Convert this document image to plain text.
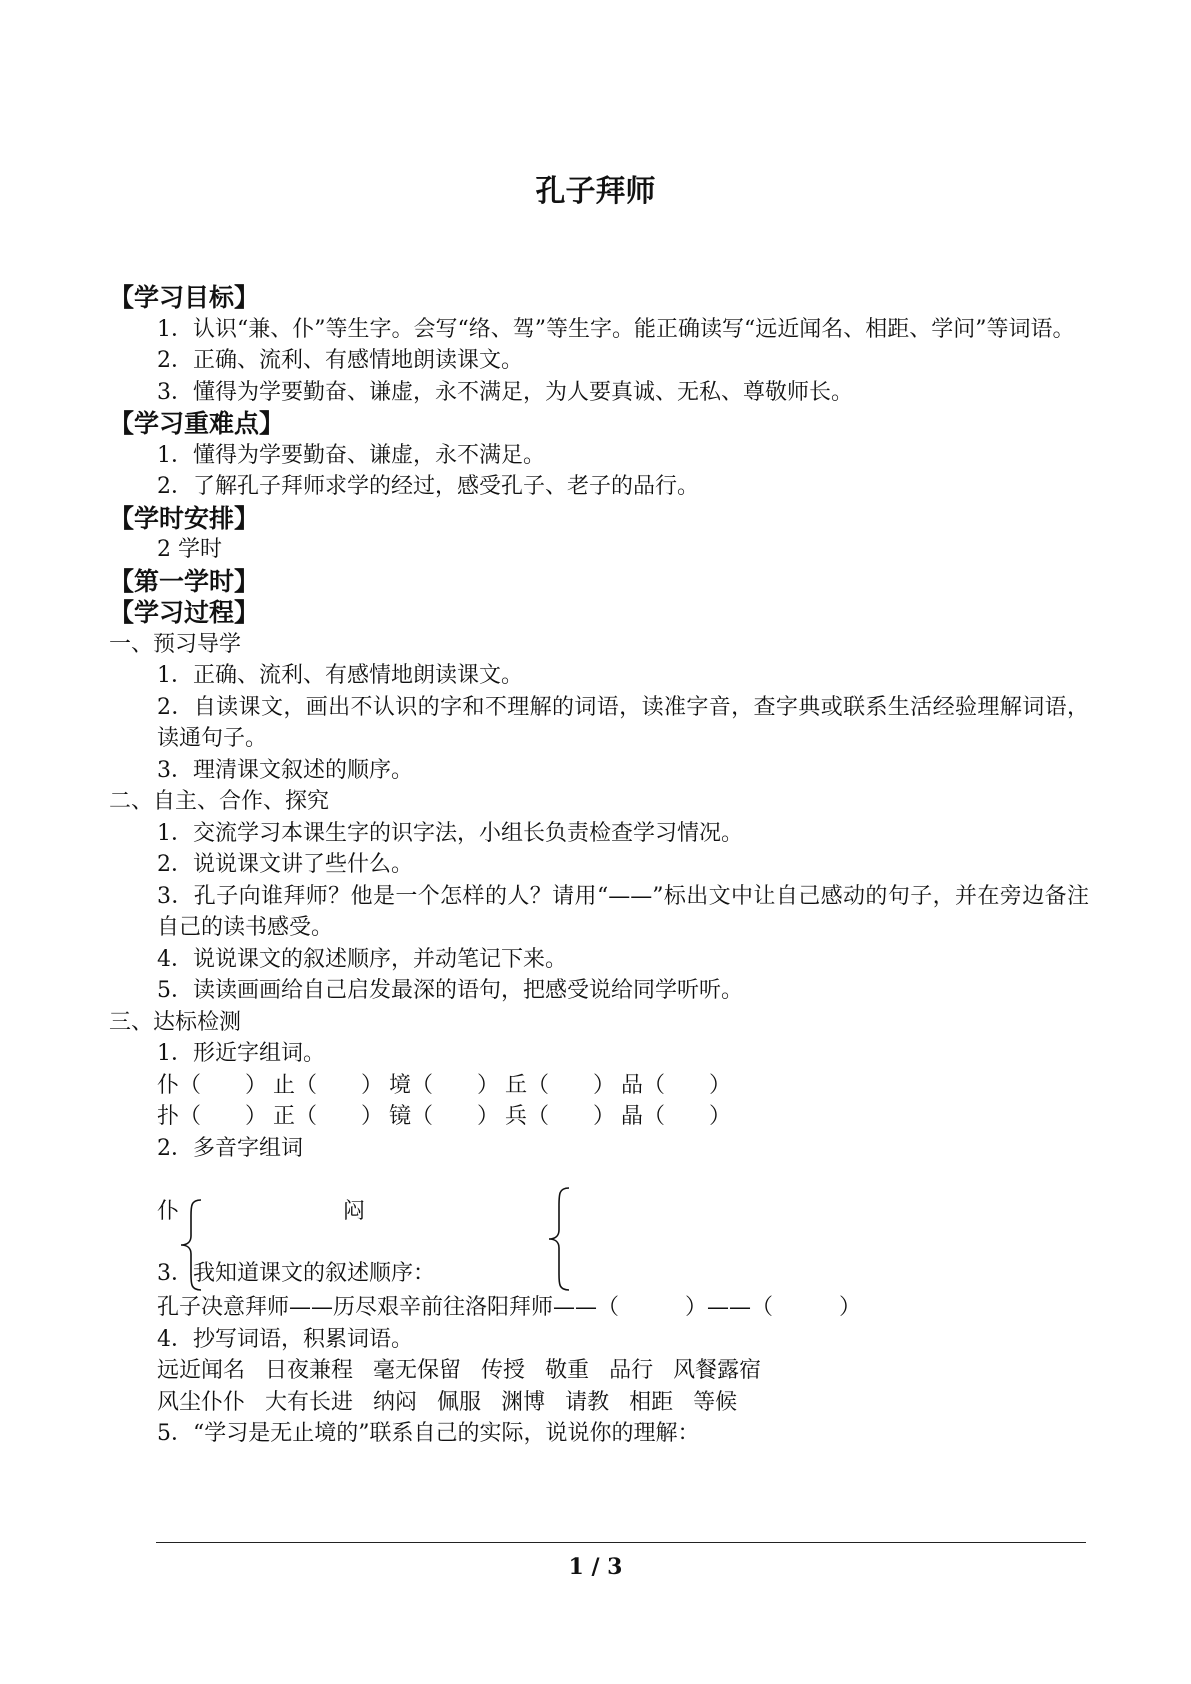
孔子拜师
【学习目标】
1．认识“兼、仆”等生字。会写“络、驾”等生字。能正确读写“远近闻名、相距、学问”等词语。
2．正确、流利、有感情地朗读课文。
3．懂得为学要勤奋、谦虚，永不满足，为人要真诚、无私、尊敬师长。
【学习重难点】
1．懂得为学要勤奋、谦虚，永不满足。
2．了解孔子拜师求学的经过，感受孔子、老子的品行。
【学时安排】
2 学时
【第一学时】
【学习过程】
一、预习导学
1．正确、流利、有感情地朗读课文。
2．自读课文，画出不认识的字和不理解的词语，读准字音，查字典或联系生活经验理解词语，读通句子。
3．理清课文叙述的顺序。
二、自主、合作、探究
1．交流学习本课生字的识字法，小组长负责检查学习情况。
2．说说课文讲了些什么。
3．孔子向谁拜师？他是一个怎样的人？请用“——”标出文中让自己感动的句子，并在旁边备注自己的读书感受。
4．说说课文的叙述顺序，并动笔记下来。
5．读读画画给自己启发最深的语句，把感受说给同学听听。
三、达标检测
1．形近字组词。
仆（　　） 止（　　） 境（　　） 丘（　　） 品（　　）
扑（　　） 正（　　） 镜（　　） 兵（　　） 晶（　　）
2．多音字组词
仆	闷
3．我知道课文的叙述顺序：
孔子决意拜师——历尽艰辛前往洛阳拜师——（　　　）——（　　　）
4．抄写词语，积累词语。
远近闻名 日夜兼程 毫无保留 传授 敬重 品行 风餐露宿
风尘仆仆 大有长进 纳闷 佩服 渊博 请教 相距 等候
5．“学习是无止境的”联系自己的实际，说说你的理解：
1 / 3
